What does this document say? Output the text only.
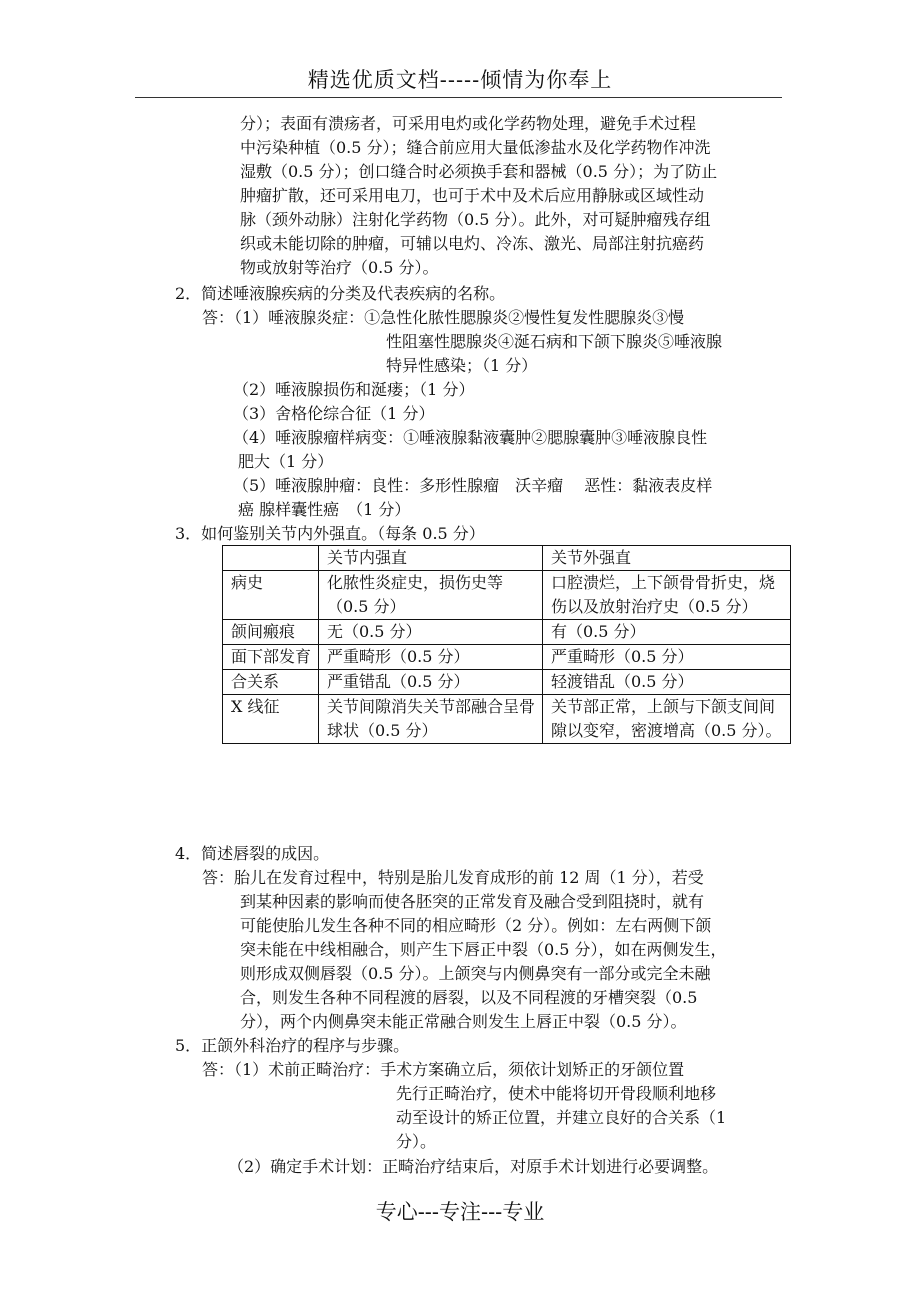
精选优质文档-----倾情为你奉上
分）；表面有溃疡者，可采用电灼或化学药物处理，避免手术过程
中污染种植（0.5 分）；缝合前应用大量低渗盐水及化学药物作冲洗
湿敷（0.5 分）；创口缝合时必须换手套和器械（0.5 分）；为了防止
肿瘤扩散，还可采用电刀，也可于术中及术后应用静脉或区域性动
脉（颈外动脉）注射化学药物（0.5 分）。此外，对可疑肿瘤残存组
织或未能切除的肿瘤，可辅以电灼、冷冻、激光、局部注射抗癌药
物或放射等治疗（0.5 分）。
2．简述唾液腺疾病的分类及代表疾病的名称。
答：（1）唾液腺炎症：①急性化脓性腮腺炎②慢性复发性腮腺炎③慢
性阻塞性腮腺炎④涎石病和下颌下腺炎⑤唾液腺
特异性感染；（1 分）
（2）唾液腺损伤和涎瘘；（1 分）
（3）舍格伦综合征（1 分）
（4）唾液腺瘤样病变：①唾液腺黏液囊肿②腮腺囊肿③唾液腺良性
肥大（1 分）
（5）唾液腺肿瘤：良性：多形性腺瘤　沃辛瘤　 恶性：黏液表皮样
癌 腺样囊性癌　（1 分）
3．如何鉴别关节内外强直。（每条 0.5 分）
	关节内强直	关节外强直
病史	化脓性炎症史，损伤史等（0.5 分）	口腔溃烂，上下颌骨骨折史，烧伤以及放射治疗史（0.5 分）
颌间瘢痕	无（0.5 分）	有（0.5 分）
面下部发育	严重畸形（0.5 分）	严重畸形（0.5 分）
合关系	严重错乱（0.5 分）	轻渡错乱（0.5 分）
X 线征	关节间隙消失关节部融合呈骨球状（0.5 分）	关节部正常，上颌与下颌支间间隙以变窄，密渡增高（0.5 分）。
4．简述唇裂的成因。
答：胎儿在发育过程中，特别是胎儿发育成形的前 12 周（1 分），若受
到某种因素的影响而使各胚突的正常发育及融合受到阻挠时，就有
可能使胎儿发生各种不同的相应畸形（2 分）。例如：左右两侧下颌
突未能在中线相融合，则产生下唇正中裂（0.5 分），如在两侧发生，
则形成双侧唇裂（0.5 分）。上颌突与内侧鼻突有一部分或完全未融
合，则发生各种不同程渡的唇裂，以及不同程渡的牙槽突裂（0.5
分），两个内侧鼻突未能正常融合则发生上唇正中裂（0.5 分）。
5．正颌外科治疗的程序与步骤。
答：（1）术前正畸治疗：手术方案确立后，须依计划矫正的牙颌位置
先行正畸治疗，使术中能将切开骨段顺利地移
动至设计的矫正位置，并建立良好的合关系（1
分）。
（2）确定手术计划：正畸治疗结束后，对原手术计划进行必要调整。
专心---专注---专业
